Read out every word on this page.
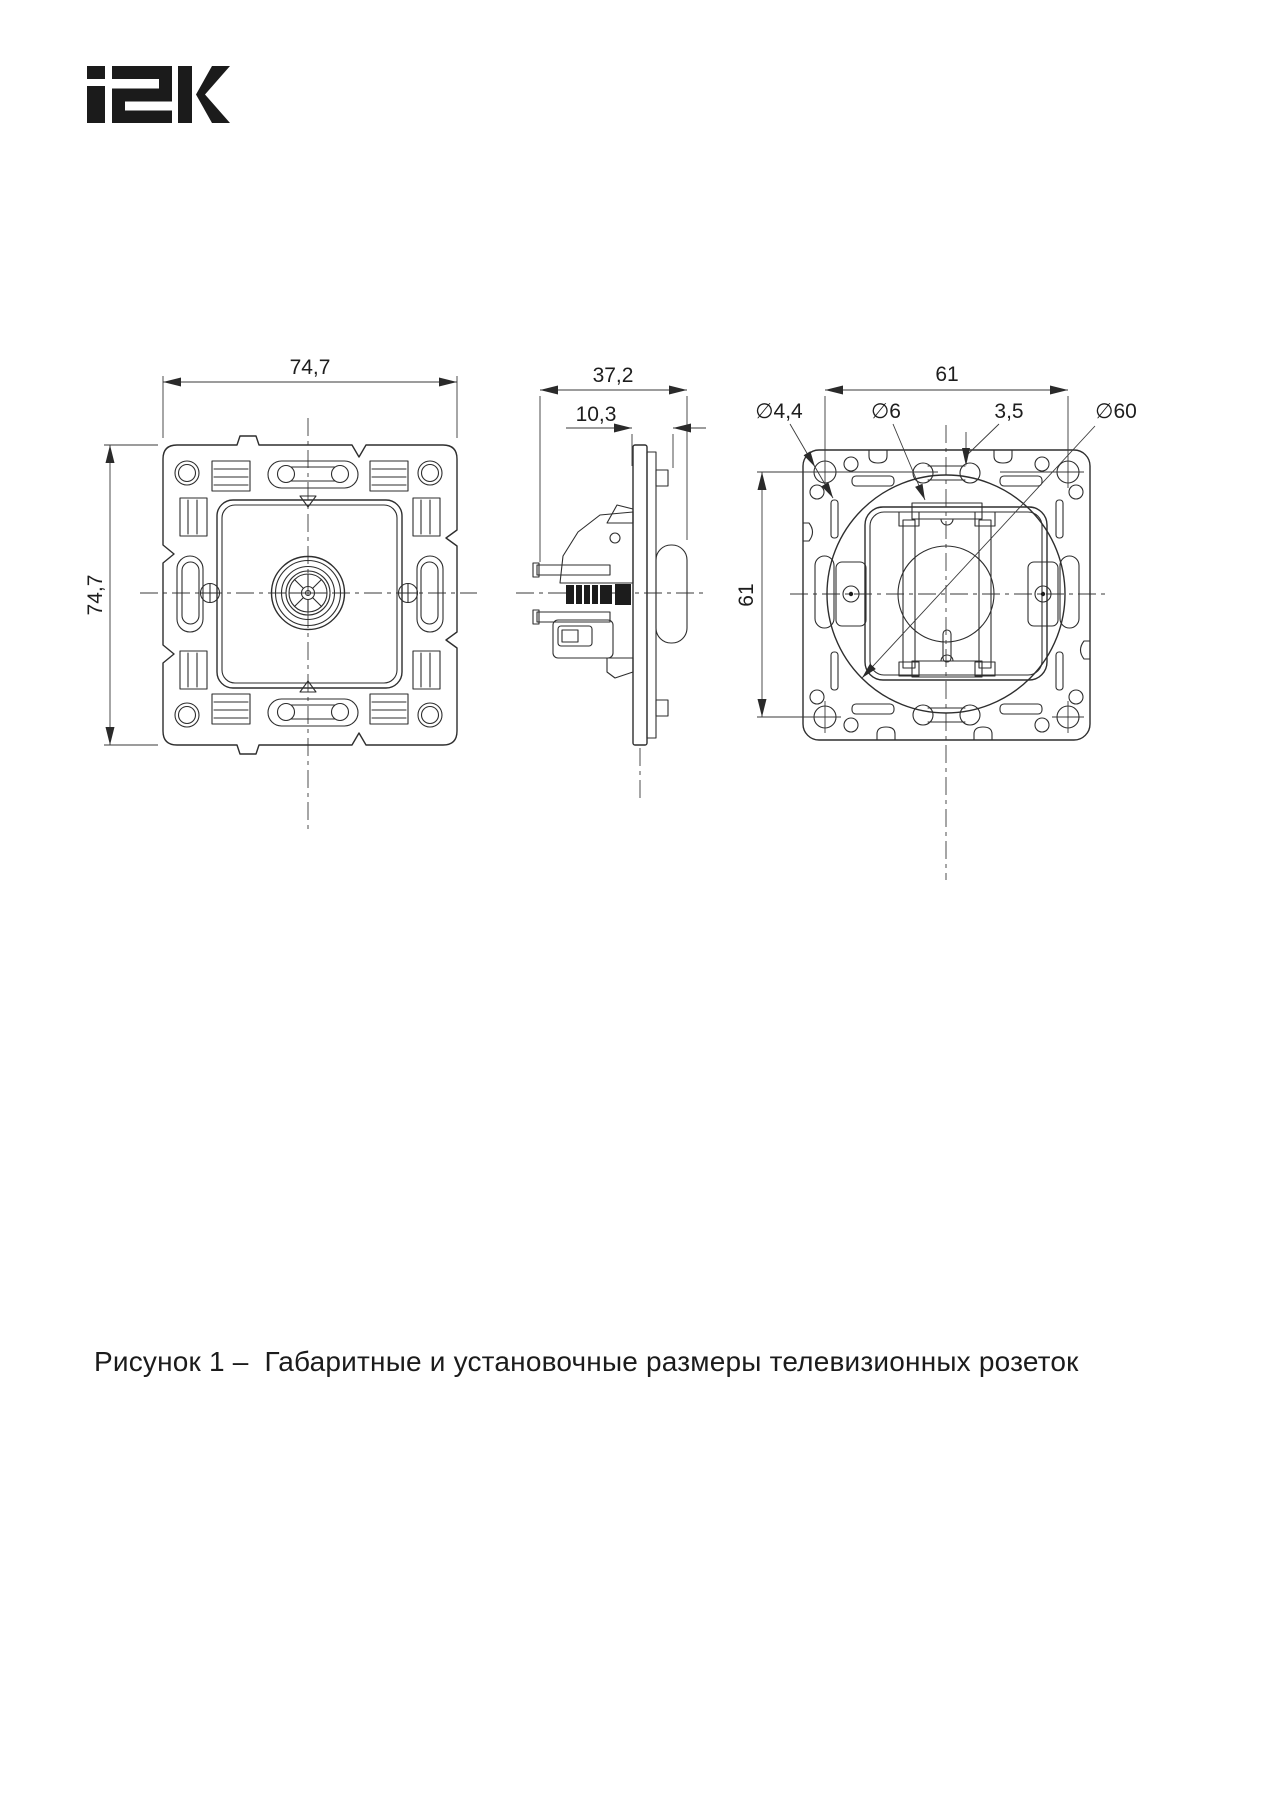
74,7
74,7
37,2
10,3
61
61
∅4,4	∅6	3,5	∅60
Рисунок 1 –  Габаритные и установочные размеры телевизионных розеток
